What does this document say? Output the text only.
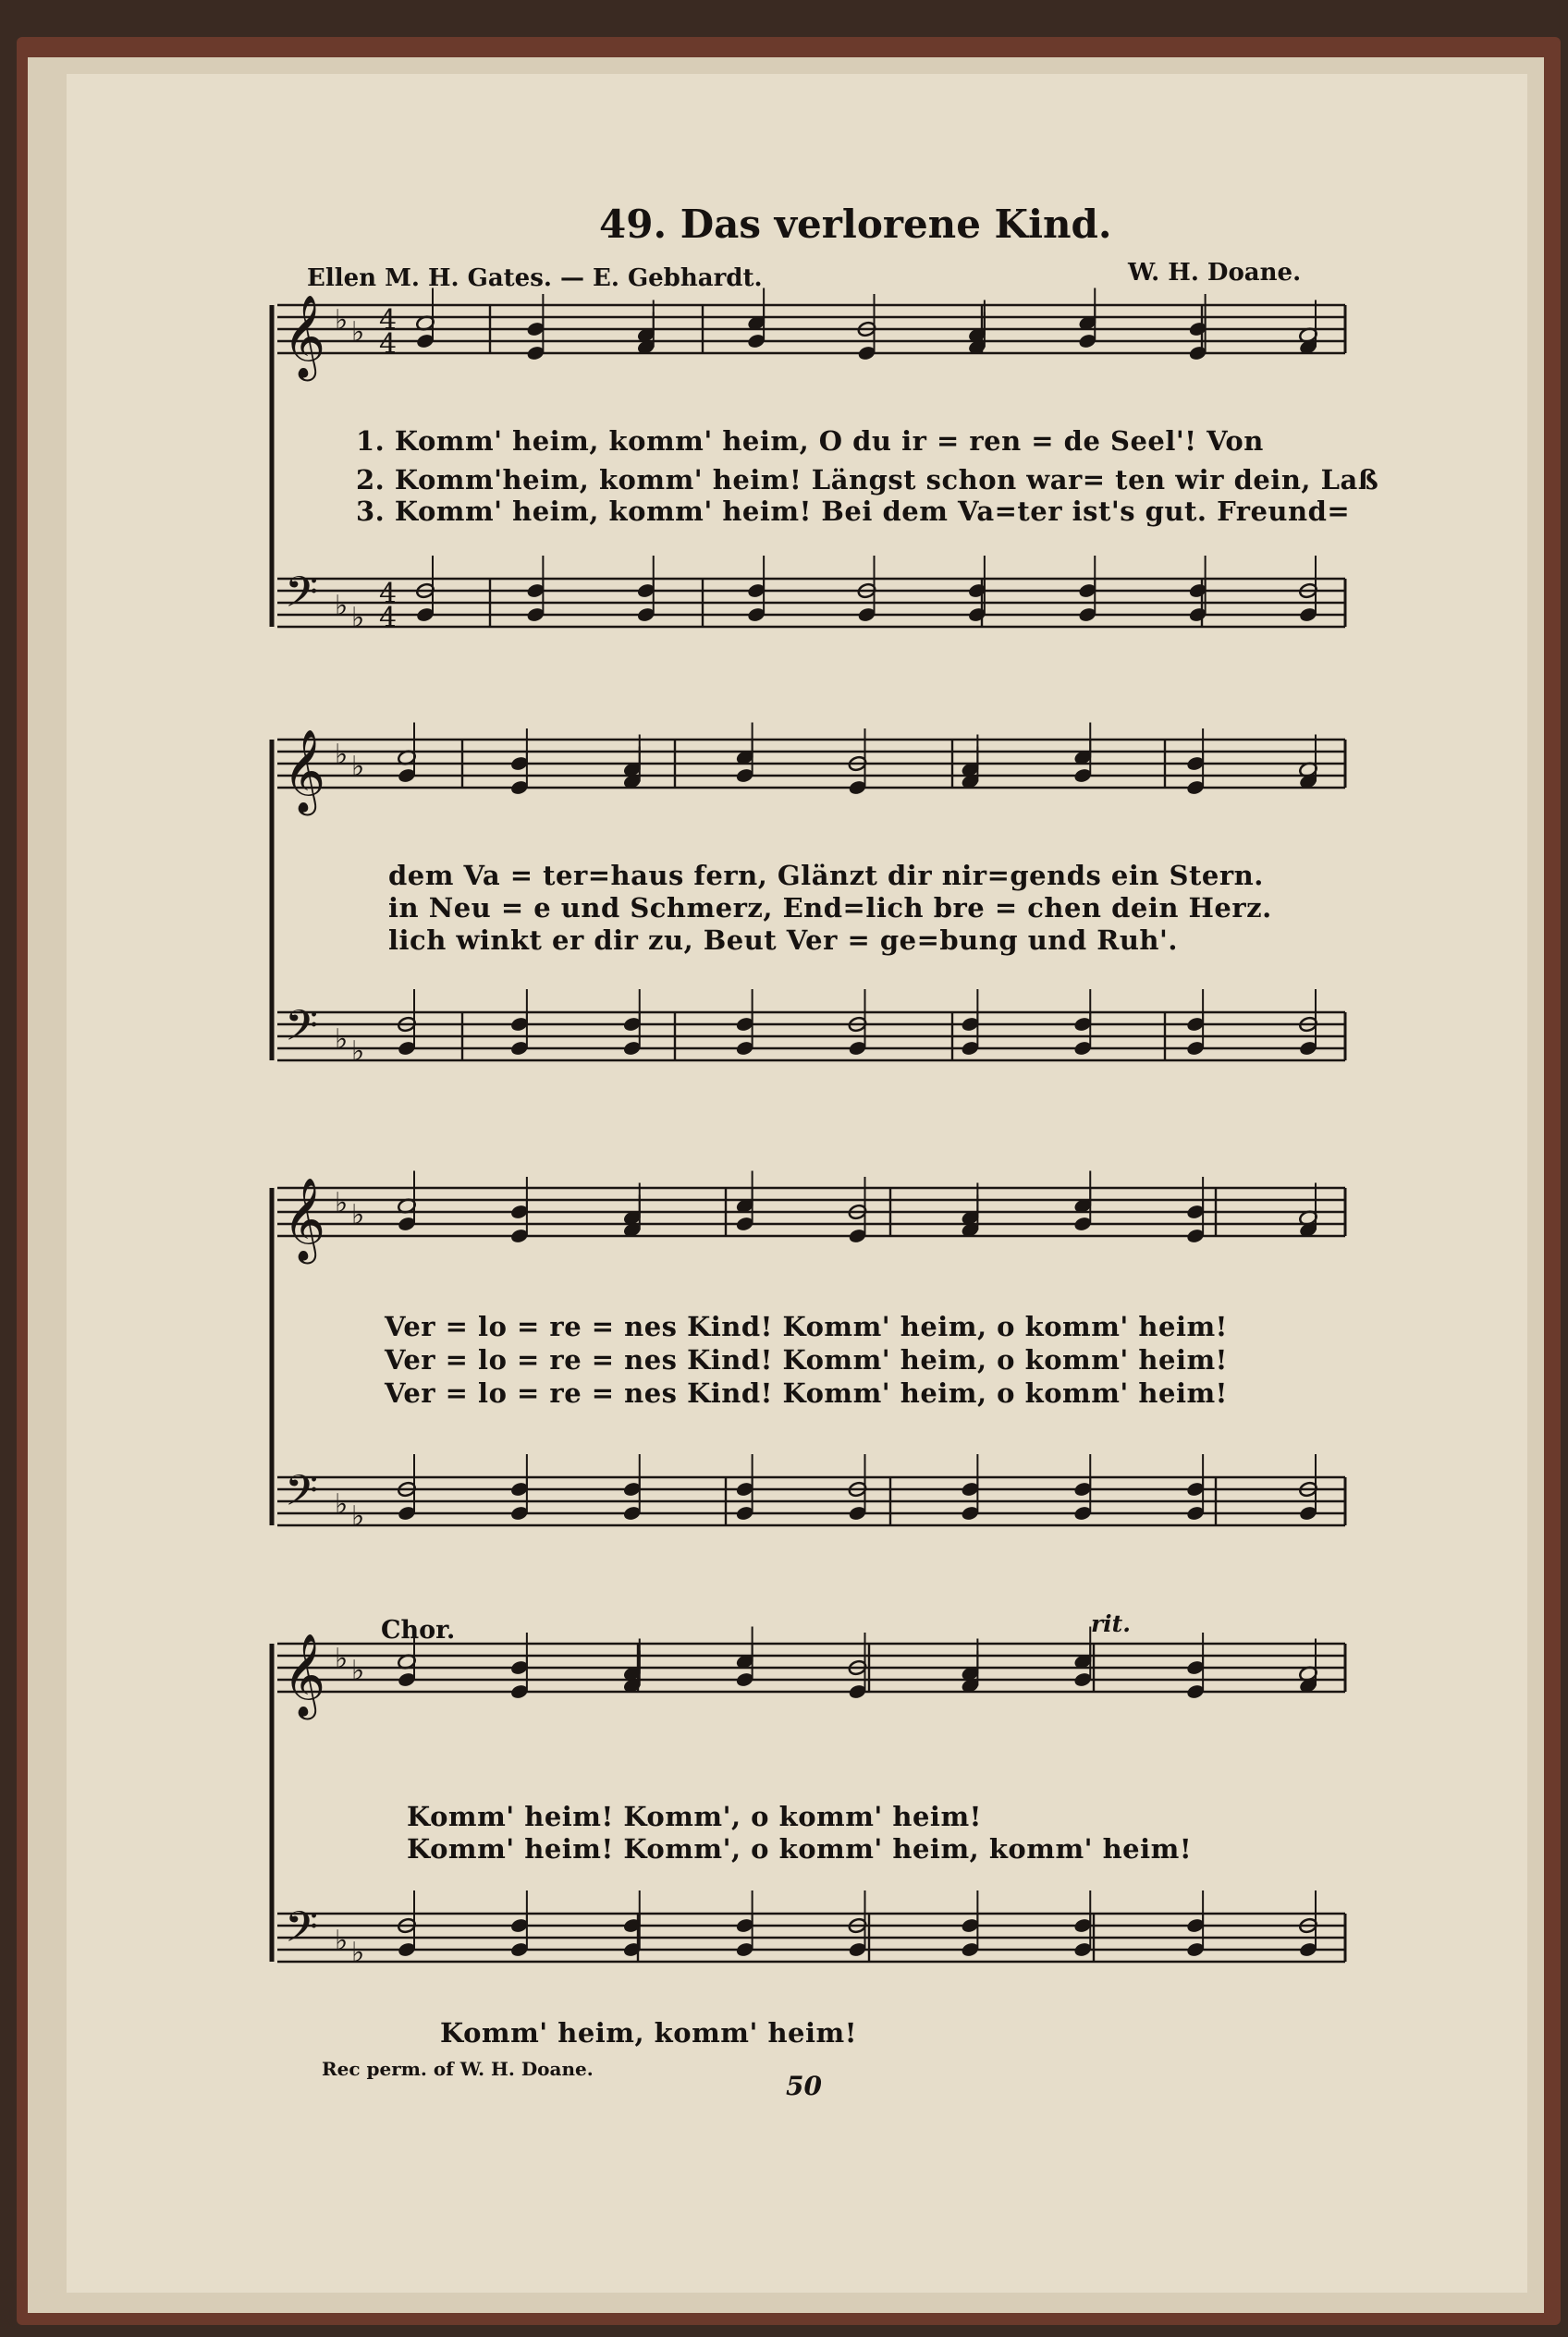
49. Das verlorene Kind.
Ellen M. H. Gates. — E. Gebhardt.	W. H. Doane.
𝄞
𝄢
♭ ♭
♭ ♭
4
4
4
4
𝄞
𝄢
♭ ♭
♭ ♭
𝄞
𝄢
♭ ♭
♭ ♭
𝄞
𝄢
♭ ♭
♭ ♭
1. Komm' heim, komm' heim, O du ir = ren = de Seel'! Von
2. Komm'heim, komm' heim! Längst schon war= ten wir dein, Laß
3. Komm' heim, komm' heim! Bei dem Va=ter ist's gut. Freund=
dem Va = ter=haus fern, Glänzt dir nir=gends ein Stern.
in Neu = e und Schmerz, End=lich bre = chen dein Herz.
lich winkt er dir zu, Beut Ver = ge=bung und Ruh'.
Ver = lo = re = nes Kind! Komm' heim, o komm' heim!
Ver = lo = re = nes Kind! Komm' heim, o komm' heim!
Ver = lo = re = nes Kind! Komm' heim, o komm' heim!
Chor.	rit.
Komm' heim! Komm', o komm' heim!
Komm' heim! Komm', o komm' heim, komm' heim!
Komm' heim, komm' heim!
Rec perm. of W. H. Doane.
50
